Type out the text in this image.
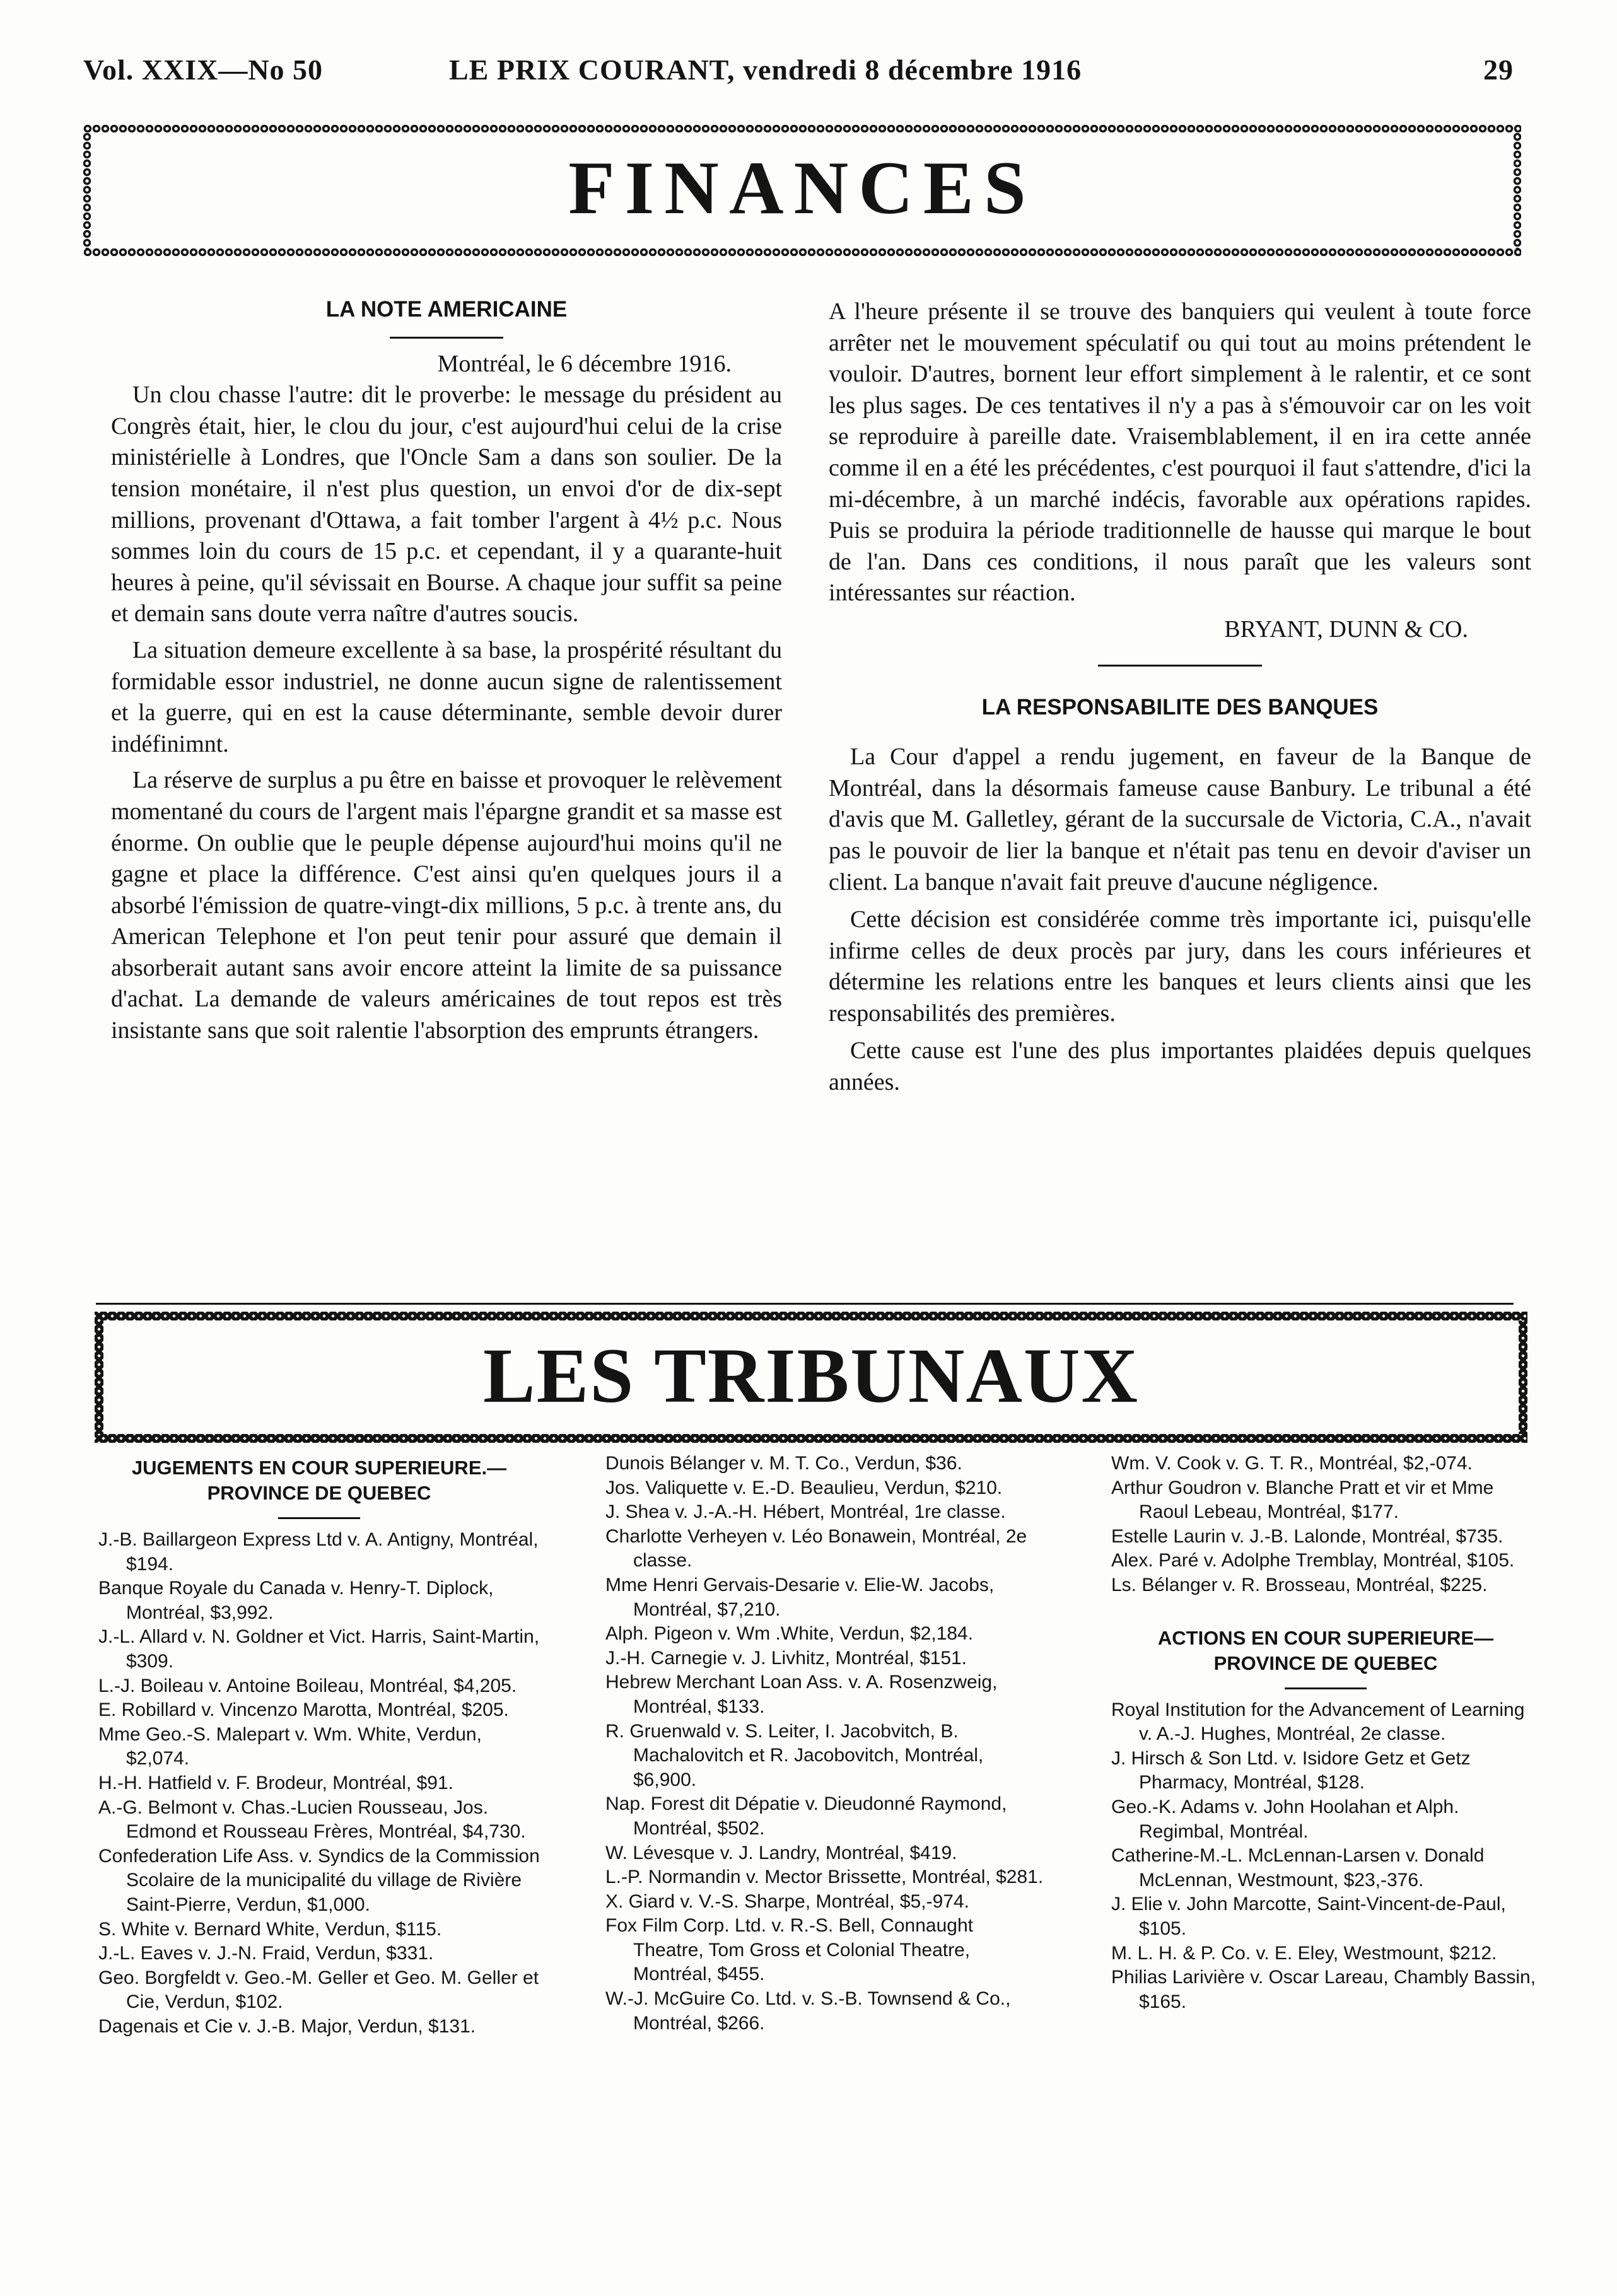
Vol. XXIX—No 50	LE PRIX COURANT, vendredi 8 décembre 1916	29
FINANCES
LA NOTE AMERICAINE

Montréal, le 6 décembre 1916.

Un clou chasse l'autre: dit le proverbe: le message du président au Congrès était, hier, le clou du jour, c'est aujourd'hui celui de la crise ministérielle à Londres, que l'Oncle Sam a dans son soulier. De la tension monétaire, il n'est plus question, un envoi d'or de dix-sept millions, provenant d'Ottawa, a fait tomber l'argent à 4½ p.c. Nous sommes loin du cours de 15 p.c. et cependant, il y a quarante-huit heures à peine, qu'il sévissait en Bourse. A chaque jour suffit sa peine et demain sans doute verra naître d'autres soucis.

La situation demeure excellente à sa base, la prospérité résultant du formidable essor industriel, ne donne aucun signe de ralentissement et la guerre, qui en est la cause déterminante, semble devoir durer indéfinimnt.

La réserve de surplus a pu être en baisse et provoquer le relèvement momentané du cours de l'argent mais l'épargne grandit et sa masse est énorme. On oublie que le peuple dépense aujourd'hui moins qu'il ne gagne et place la différence. C'est ainsi qu'en quelques jours il a absorbé l'émission de quatre-vingt-dix millions, 5 p.c. à trente ans, du American Telephone et l'on peut tenir pour assuré que demain il absorberait autant sans avoir encore atteint la limite de sa puissance d'achat. La demande de valeurs américaines de tout repos est très insistante sans que soit ralentie l'absorption des emprunts étrangers.

A l'heure présente il se trouve des banquiers qui veulent à toute force arrêter net le mouvement spéculatif ou qui tout au moins prétendent le vouloir. D'autres, bornent leur effort simplement à le ralentir, et ce sont les plus sages. De ces tentatives il n'y a pas à s'émouvoir car on les voit se reproduire à pareille date. Vraisemblablement, il en ira cette année comme il en a été les précédentes, c'est pourquoi il faut s'attendre, d'ici la mi-décembre, à un marché indécis, favorable aux opérations rapides. Puis se produira la période traditionnelle de hausse qui marque le bout de l'an. Dans ces conditions, il nous paraît que les valeurs sont intéressantes sur réaction.

BRYANT, DUNN & CO.

LA RESPONSABILITE DES BANQUES

La Cour d'appel a rendu jugement, en faveur de la Banque de Montréal, dans la désormais fameuse cause Banbury. Le tribunal a été d'avis que M. Galletley, gérant de la succursale de Victoria, C.A., n'avait pas le pouvoir de lier la banque et n'était pas tenu en devoir d'aviser un client. La banque n'avait fait preuve d'aucune négligence.

Cette décision est considérée comme très importante ici, puisqu'elle infirme celles de deux procès par jury, dans les cours inférieures et détermine les relations entre les banques et leurs clients ainsi que les responsabilités des premières.

Cette cause est l'une des plus importantes plaidées depuis quelques années.

LES TRIBUNAUX
JUGEMENTS EN COUR SUPERIEURE.—PROVINCE DE QUEBEC

J.-B. Baillargeon Express Ltd v. A. Antigny, Montréal, $194.

Banque Royale du Canada v. Henry-T. Diplock, Montréal, $3,992.

J.-L. Allard v. N. Goldner et Vict. Harris, Saint-Martin, $309.

L.-J. Boileau v. Antoine Boileau, Montréal, $4,205.

E. Robillard v. Vincenzo Marotta, Montréal, $205.

Mme Geo.-S. Malepart v. Wm. White, Verdun, $2,074.

H.-H. Hatfield v. F. Brodeur, Montréal, $91.

A.-G. Belmont v. Chas.-Lucien Rousseau, Jos. Edmond et Rousseau Frères, Montréal, $4,730.

Confederation Life Ass. v. Syndics de la Commission Scolaire de la municipalité du village de Rivière Saint-Pierre, Verdun, $1,000.

S. White v. Bernard White, Verdun, $115.

J.-L. Eaves v. J.-N. Fraid, Verdun, $331.

Geo. Borgfeldt v. Geo.-M. Geller et Geo. M. Geller et Cie, Verdun, $102.

Dagenais et Cie v. J.-B. Major, Verdun, $131.

Dunois Bélanger v. M. T. Co., Verdun, $36.

Jos. Valiquette v. E.-D. Beaulieu, Verdun, $210.

J. Shea v. J.-A.-H. Hébert, Montréal, 1re classe.

Charlotte Verheyen v. Léo Bonawein, Montréal, 2e classe.

Mme Henri Gervais-Desarie v. Elie-W. Jacobs, Montréal, $7,210.

Alph. Pigeon v. Wm .White, Verdun, $2,184.

J.-H. Carnegie v. J. Livhitz, Montréal, $151.

Hebrew Merchant Loan Ass. v. A. Rosenzweig, Montréal, $133.

R. Gruenwald v. S. Leiter, I. Jacobvitch, B. Machalovitch et R. Jacobovitch, Montréal, $6,900.

Nap. Forest dit Dépatie v. Dieudonné Raymond, Montréal, $502.

W. Lévesque v. J. Landry, Montréal, $419.

L.-P. Normandin v. Mector Brissette, Montréal, $281.

X. Giard v. V.-S. Sharpe, Montréal, $5,-974.

Fox Film Corp. Ltd. v. R.-S. Bell, Connaught Theatre, Tom Gross et Colonial Theatre, Montréal, $455.

W.-J. McGuire Co. Ltd. v. S.-B. Townsend & Co., Montréal, $266.

Wm. V. Cook v. G. T. R., Montréal, $2,-074.

Arthur Goudron v. Blanche Pratt et vir et Mme Raoul Lebeau, Montréal, $177.

Estelle Laurin v. J.-B. Lalonde, Montréal, $735.

Alex. Paré v. Adolphe Tremblay, Montréal, $105.

Ls. Bélanger v. R. Brosseau, Montréal, $225.

ACTIONS EN COUR SUPERIEURE—PROVINCE DE QUEBEC

Royal Institution for the Advancement of Learning v. A.-J. Hughes, Montréal, 2e classe.

J. Hirsch & Son Ltd. v. Isidore Getz et Getz Pharmacy, Montréal, $128.

Geo.-K. Adams v. John Hoolahan et Alph. Regimbal, Montréal.

Catherine-M.-L. McLennan-Larsen v. Donald McLennan, Westmount, $23,-376.

J. Elie v. John Marcotte, Saint-Vincent-de-Paul, $105.

M. L. H. & P. Co. v. E. Eley, Westmount, $212.

Philias Larivière v. Oscar Lareau, Chambly Bassin, $165.
